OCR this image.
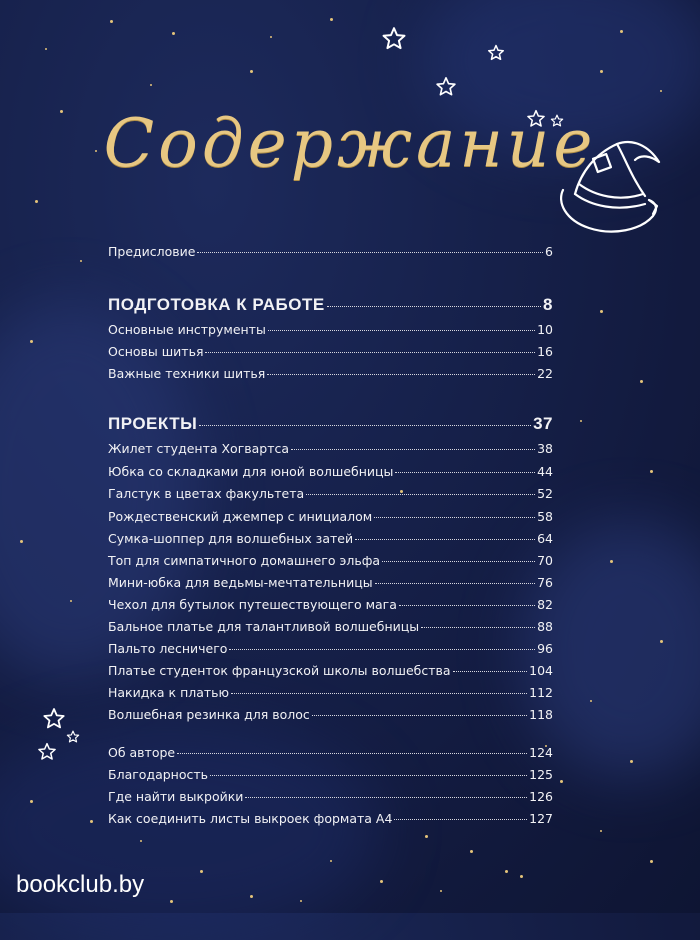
Содержание
Предисловие	6
ПОДГОТОВКА К РАБОТЕ	8
Основные инструменты	10
Основы шитья	16
Важные техники шитья	22
ПРОЕКТЫ	37
Жилет студента Хогвартса	38
Юбка со складками для юной волшебницы	44
Галстук в цветах факультета	52
Рождественский джемпер с инициалом	58
Сумка-шоппер для волшебных затей	64
Топ для симпатичного домашнего эльфа	70
Мини-юбка для ведьмы-мечтательницы	76
Чехол для бутылок путешествующего мага	82
Бальное платье для талантливой волшебницы	88
Пальто лесничего	96
Платье студенток французской школы волшебства	104
Накидка к платью	112
Волшебная резинка для волос	118
Об авторе	124
Благодарность	125
Где найти выкройки	126
Как соединить листы выкроек формата А4	127
bookclub.by
